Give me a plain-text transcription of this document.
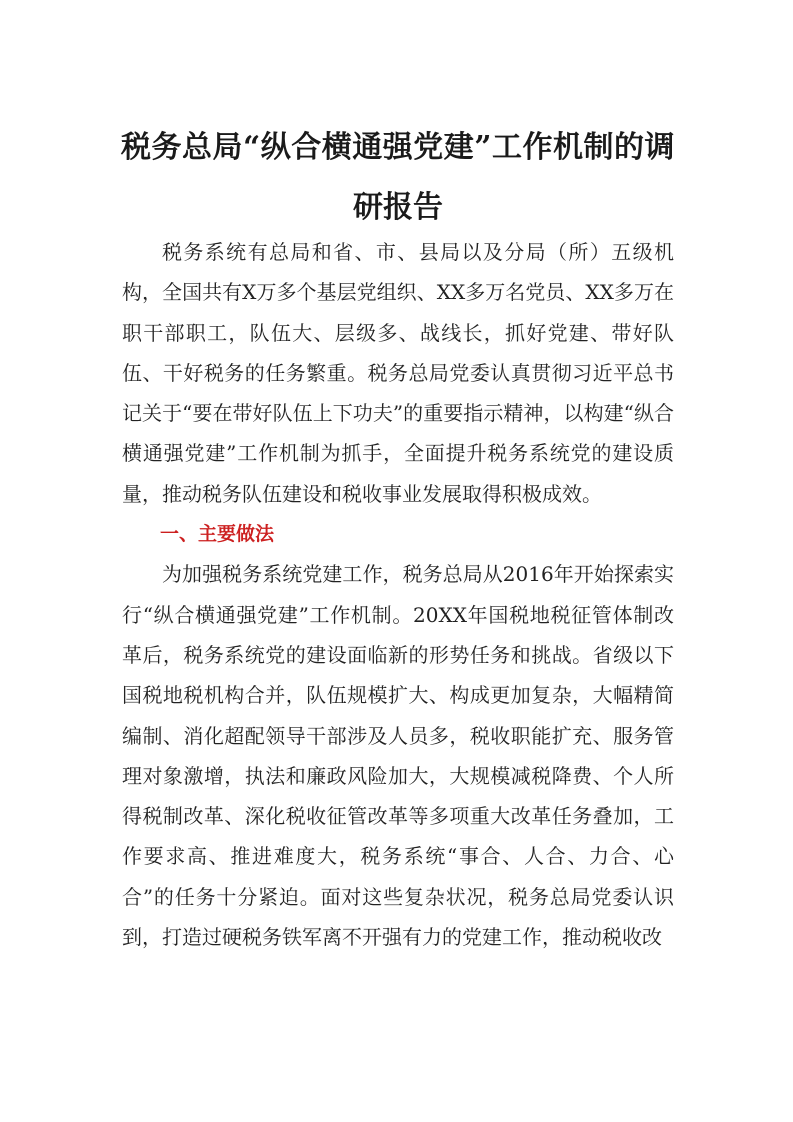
税务总局“纵合横通强党建”工作机制的调
研报告

税务系统有总局和省、市、县局以及分局（所）五级机构，全国共有X万多个基层党组织、XX多万名党员、XX多万在职干部职工，队伍大、层级多、战线长，抓好党建、带好队伍、干好税务的任务繁重。税务总局党委认真贯彻习近平总书记关于“要在带好队伍上下功夫”的重要指示精神，以构建“纵合横通强党建”工作机制为抓手，全面提升税务系统党的建设质量，推动税务队伍建设和税收事业发展取得积极成效。

一、主要做法

为加强税务系统党建工作，税务总局从2016年开始探索实行“纵合横通强党建”工作机制。20XX年国税地税征管体制改革后，税务系统党的建设面临新的形势任务和挑战。省级以下国税地税机构合并，队伍规模扩大、构成更加复杂，大幅精简编制、消化超配领导干部涉及人员多，税收职能扩充、服务管理对象激增，执法和廉政风险加大，大规模减税降费、个人所得税制改革、深化税收征管改革等多项重大改革任务叠加，工作要求高、推进难度大，税务系统“事合、人合、力合、心合”的任务十分紧迫。面对这些复杂状况，税务总局党委认识到，打造过硬税务铁军离不开强有力的党建工作，推动税收改
